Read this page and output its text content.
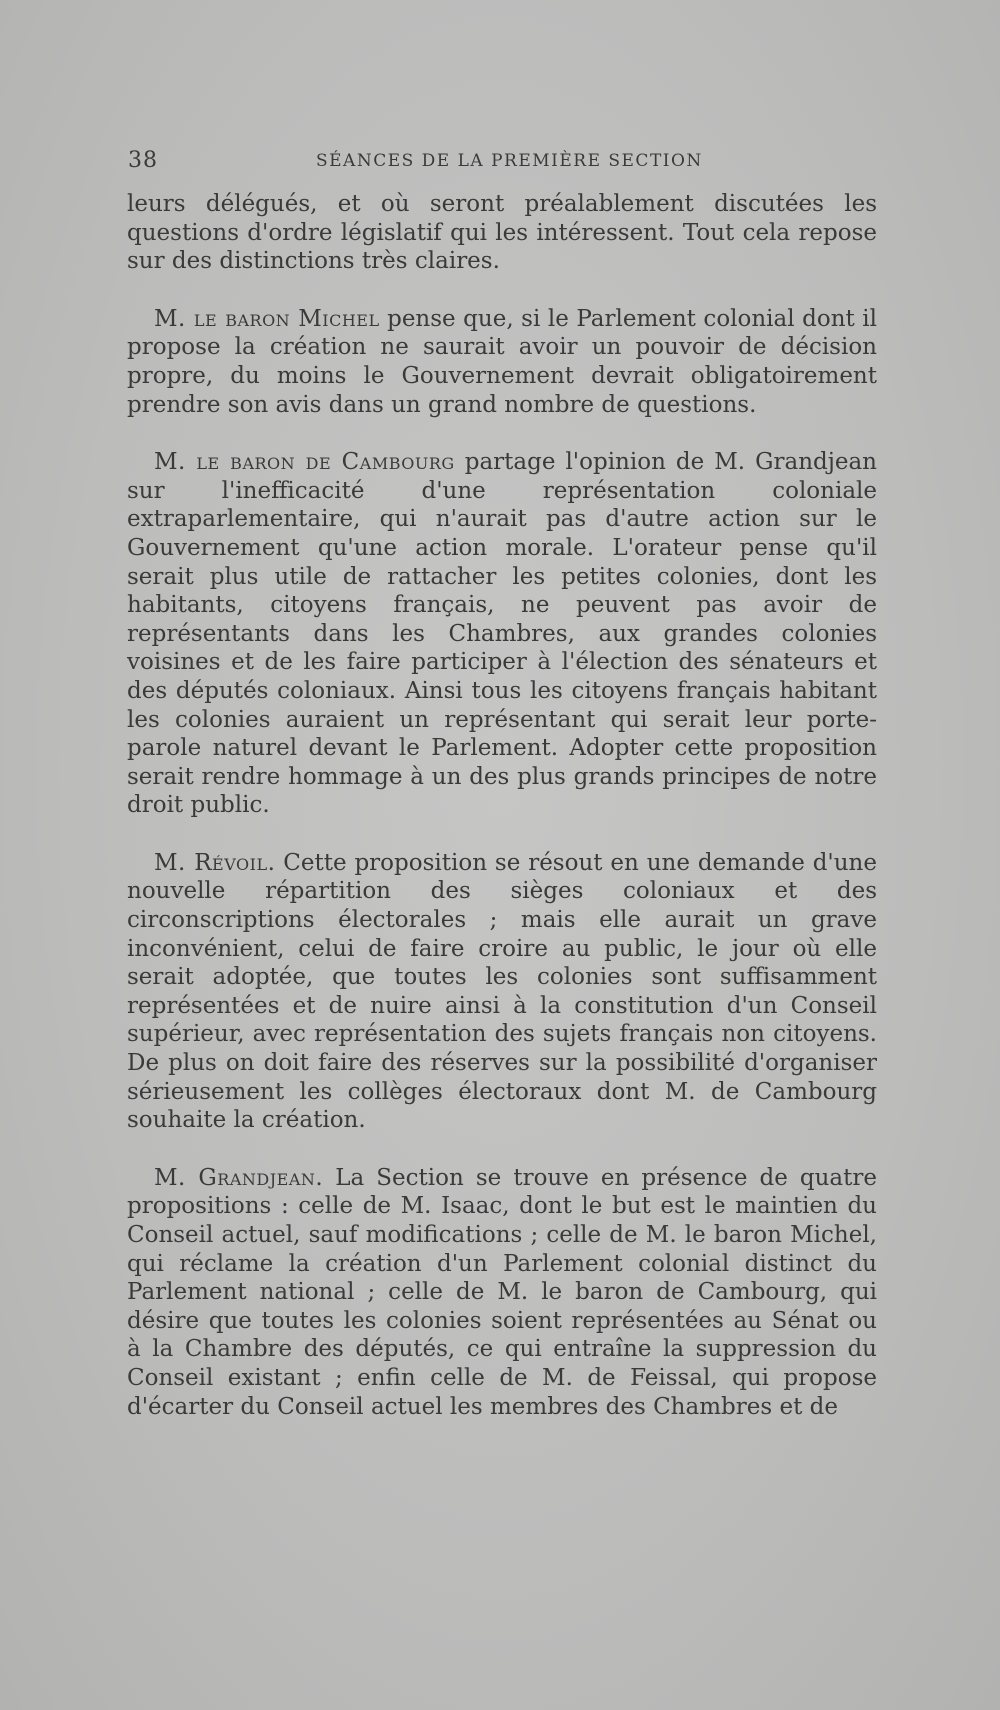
38	SÉANCES DE LA PREMIÈRE SECTION

leurs délégués, et où seront préalablement discutées les questions d'ordre législatif qui les intéressent. Tout cela repose sur des distinctions très claires.

M. le baron Michel pense que, si le Parlement colonial dont il propose la création ne saurait avoir un pouvoir de décision propre, du moins le Gouvernement devrait obligatoirement prendre son avis dans un grand nombre de questions.

M. le baron de Cambourg partage l'opinion de M. Grandjean sur l'inefficacité d'une représentation coloniale extraparlementaire, qui n'aurait pas d'autre action sur le Gouvernement qu'une action morale. L'orateur pense qu'il serait plus utile de rattacher les petites colonies, dont les habitants, citoyens français, ne peuvent pas avoir de représentants dans les Chambres, aux grandes colonies voisines et de les faire participer à l'élection des sénateurs et des députés coloniaux. Ainsi tous les citoyens français habitant les colonies auraient un représentant qui serait leur porte-parole naturel devant le Parlement. Adopter cette proposition serait rendre hommage à un des plus grands principes de notre droit public.

M. Révoil. Cette proposition se résout en une demande d'une nouvelle répartition des sièges coloniaux et des circonscriptions électorales ; mais elle aurait un grave inconvénient, celui de faire croire au public, le jour où elle serait adoptée, que toutes les colonies sont suffisamment représentées et de nuire ainsi à la constitution d'un Conseil supérieur, avec représentation des sujets français non citoyens. De plus on doit faire des réserves sur la possibilité d'organiser sérieusement les collèges électoraux dont M. de Cambourg souhaite la création.

M. Grandjean. La Section se trouve en présence de quatre propositions : celle de M. Isaac, dont le but est le maintien du Conseil actuel, sauf modifications ; celle de M. le baron Michel, qui réclame la création d'un Parlement colonial distinct du Parlement national ; celle de M. le baron de Cambourg, qui désire que toutes les colonies soient représentées au Sénat ou à la Chambre des députés, ce qui entraîne la suppression du Conseil existant ; enfin celle de M. de Feissal, qui propose d'écarter du Conseil actuel les membres des Chambres et de
